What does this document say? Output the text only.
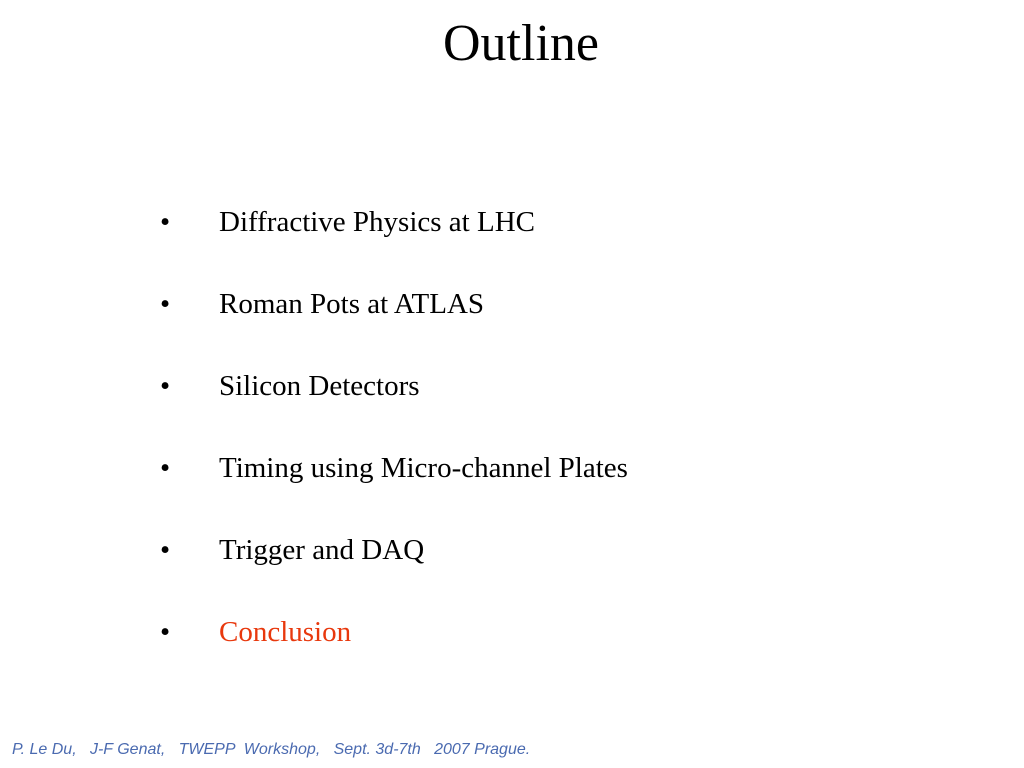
Outline
•	Diffractive Physics at LHC
•	Roman Pots at ATLAS
•	Silicon Detectors
•	Timing using Micro-channel Plates
•	Trigger and DAQ
•	Conclusion
P. Le Du,   J-F Genat,   TWEPP  Workshop,   Sept. 3d-7th   2007 Prague.
